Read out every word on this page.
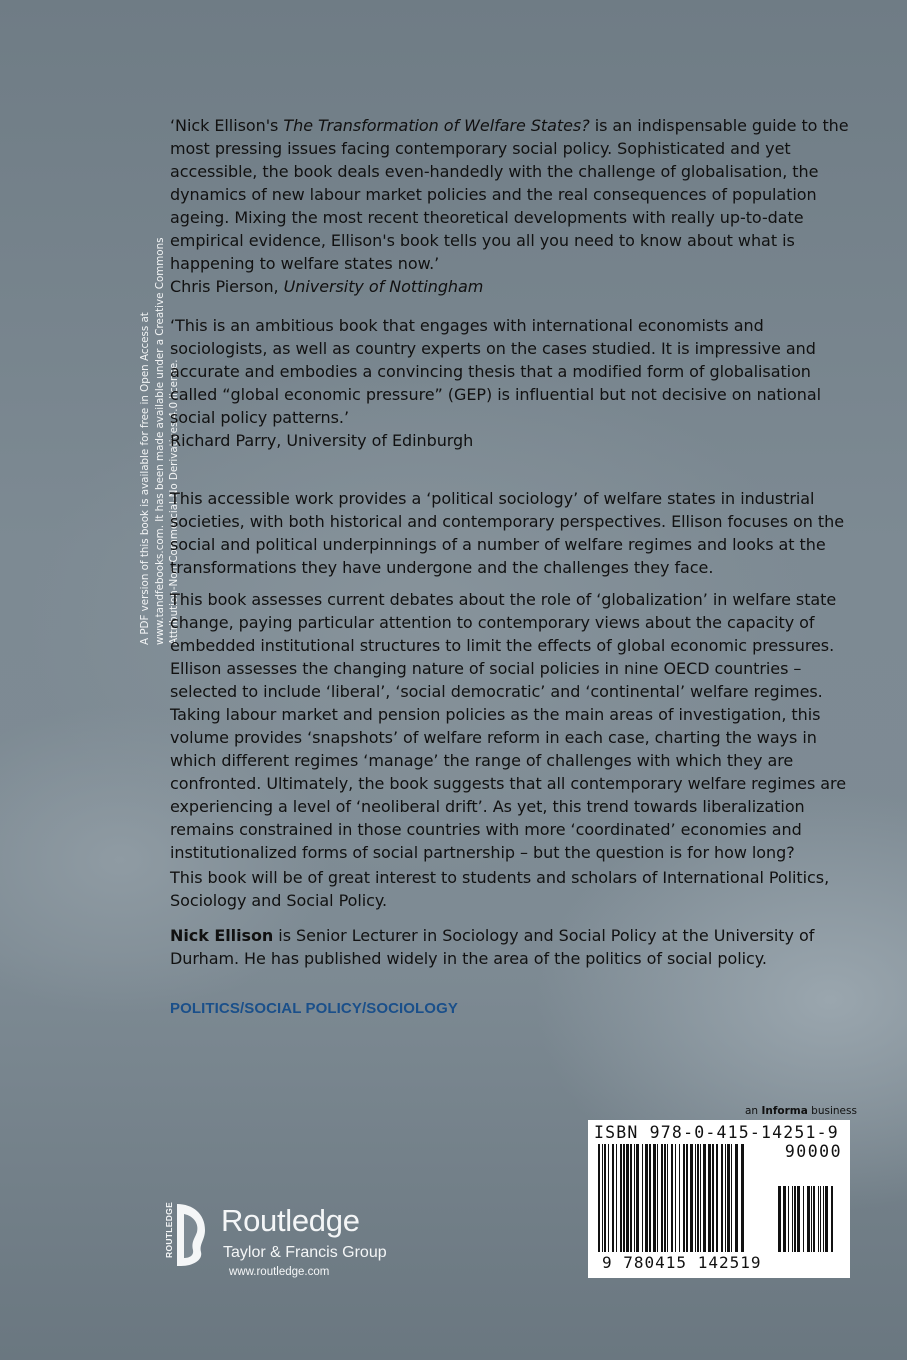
A PDF version of this book is available for free in Open Access at www.tandfebooks.com. It has been made available under a Creative Commons Attribution-Non Commercial-No Derivatives 4.0 license.

‘Nick Ellison's The Transformation of Welfare States? is an indispensable guide to the most pressing issues facing contemporary social policy. Sophisticated and yet accessible, the book deals even-handedly with the challenge of globalisation, the dynamics of new labour market policies and the real consequences of population ageing. Mixing the most recent theoretical developments with really up-to-date empirical evidence, Ellison's book tells you all you need to know about what is happening to welfare states now.’

Chris Pierson, University of Nottingham

‘This is an ambitious book that engages with international economists and sociologists, as well as country experts on the cases studied. It is impressive and accurate and embodies a convincing thesis that a modified form of globalisation called “global economic pressure” (GEP) is influential but not decisive on national social policy patterns.’

Richard Parry, University of Edinburgh

This accessible work provides a ‘political sociology’ of welfare states in industrial societies, with both historical and contemporary perspectives. Ellison focuses on the social and political underpinnings of a number of welfare regimes and looks at the transformations they have undergone and the challenges they face.

This book assesses current debates about the role of ‘globalization’ in welfare state change, paying particular attention to contemporary views about the capacity of embedded institutional structures to limit the effects of global economic pressures. Ellison assesses the changing nature of social policies in nine OECD countries – selected to include ‘liberal’, ‘social democratic’ and ‘continental’ welfare regimes. Taking labour market and pension policies as the main areas of investigation, this volume provides ‘snapshots’ of welfare reform in each case, charting the ways in which different regimes ‘manage’ the range of challenges with which they are confronted. Ultimately, the book suggests that all contemporary welfare regimes are experiencing a level of ‘neoliberal drift’. As yet, this trend towards liberalization remains constrained in those countries with more ‘coordinated’ economies and institutionalized forms of social partnership – but the question is for how long?

This book will be of great interest to students and scholars of International Politics, Sociology and Social Policy.

Nick Ellison is Senior Lecturer in Sociology and Social Policy at the University of Durham. He has published widely in the area of the politics of social policy.

POLITICS/SOCIAL POLICY/SOCIOLOGY
an Informa business
ISBN 978-0-415-14251-9
90000
9 780415 142519
ROUTLEDGE Routledge
Taylor & Francis Group
www.routledge.com
